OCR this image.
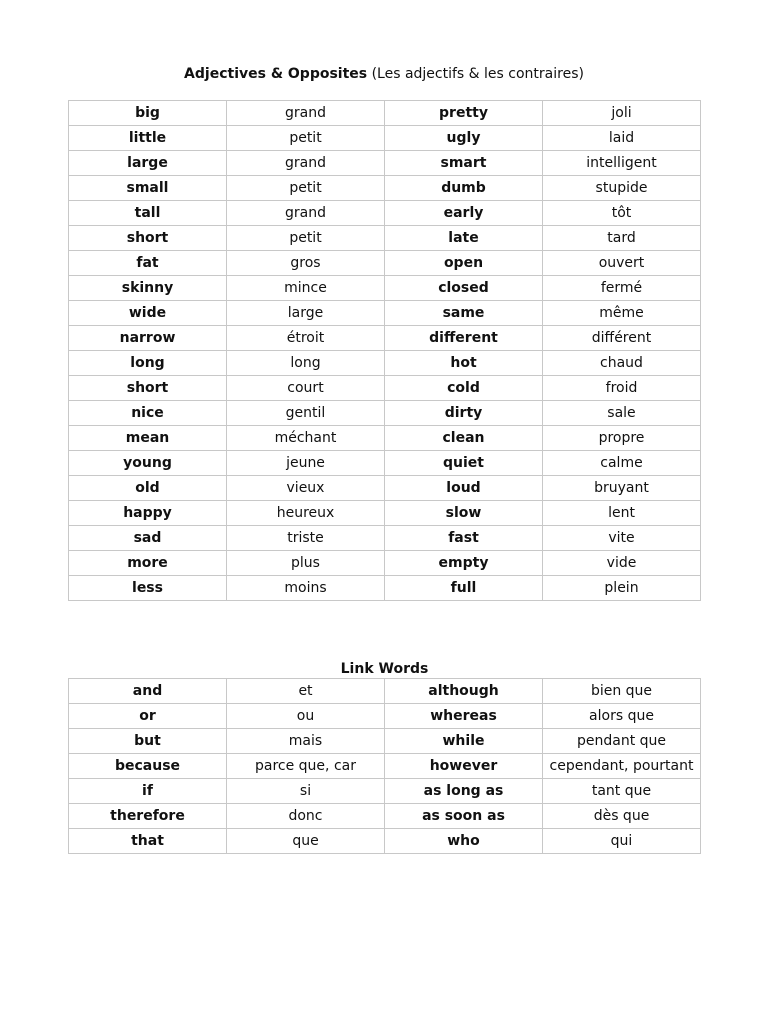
Adjectives & Opposites (Les adjectifs & les contraires)
big	grand	pretty	joli
little	petit	ugly	laid
large	grand	smart	intelligent
small	petit	dumb	stupide
tall	grand	early	tôt
short	petit	late	tard
fat	gros	open	ouvert
skinny	mince	closed	fermé
wide	large	same	même
narrow	étroit	different	différent
long	long	hot	chaud
short	court	cold	froid
nice	gentil	dirty	sale
mean	méchant	clean	propre
young	jeune	quiet	calme
old	vieux	loud	bruyant
happy	heureux	slow	lent
sad	triste	fast	vite
more	plus	empty	vide
less	moins	full	plein
Link Words
and	et	although	bien que
or	ou	whereas	alors que
but	mais	while	pendant que
because	parce que, car	however	cependant, pourtant
if	si	as long as	tant que
therefore	donc	as soon as	dès que
that	que	who	qui
